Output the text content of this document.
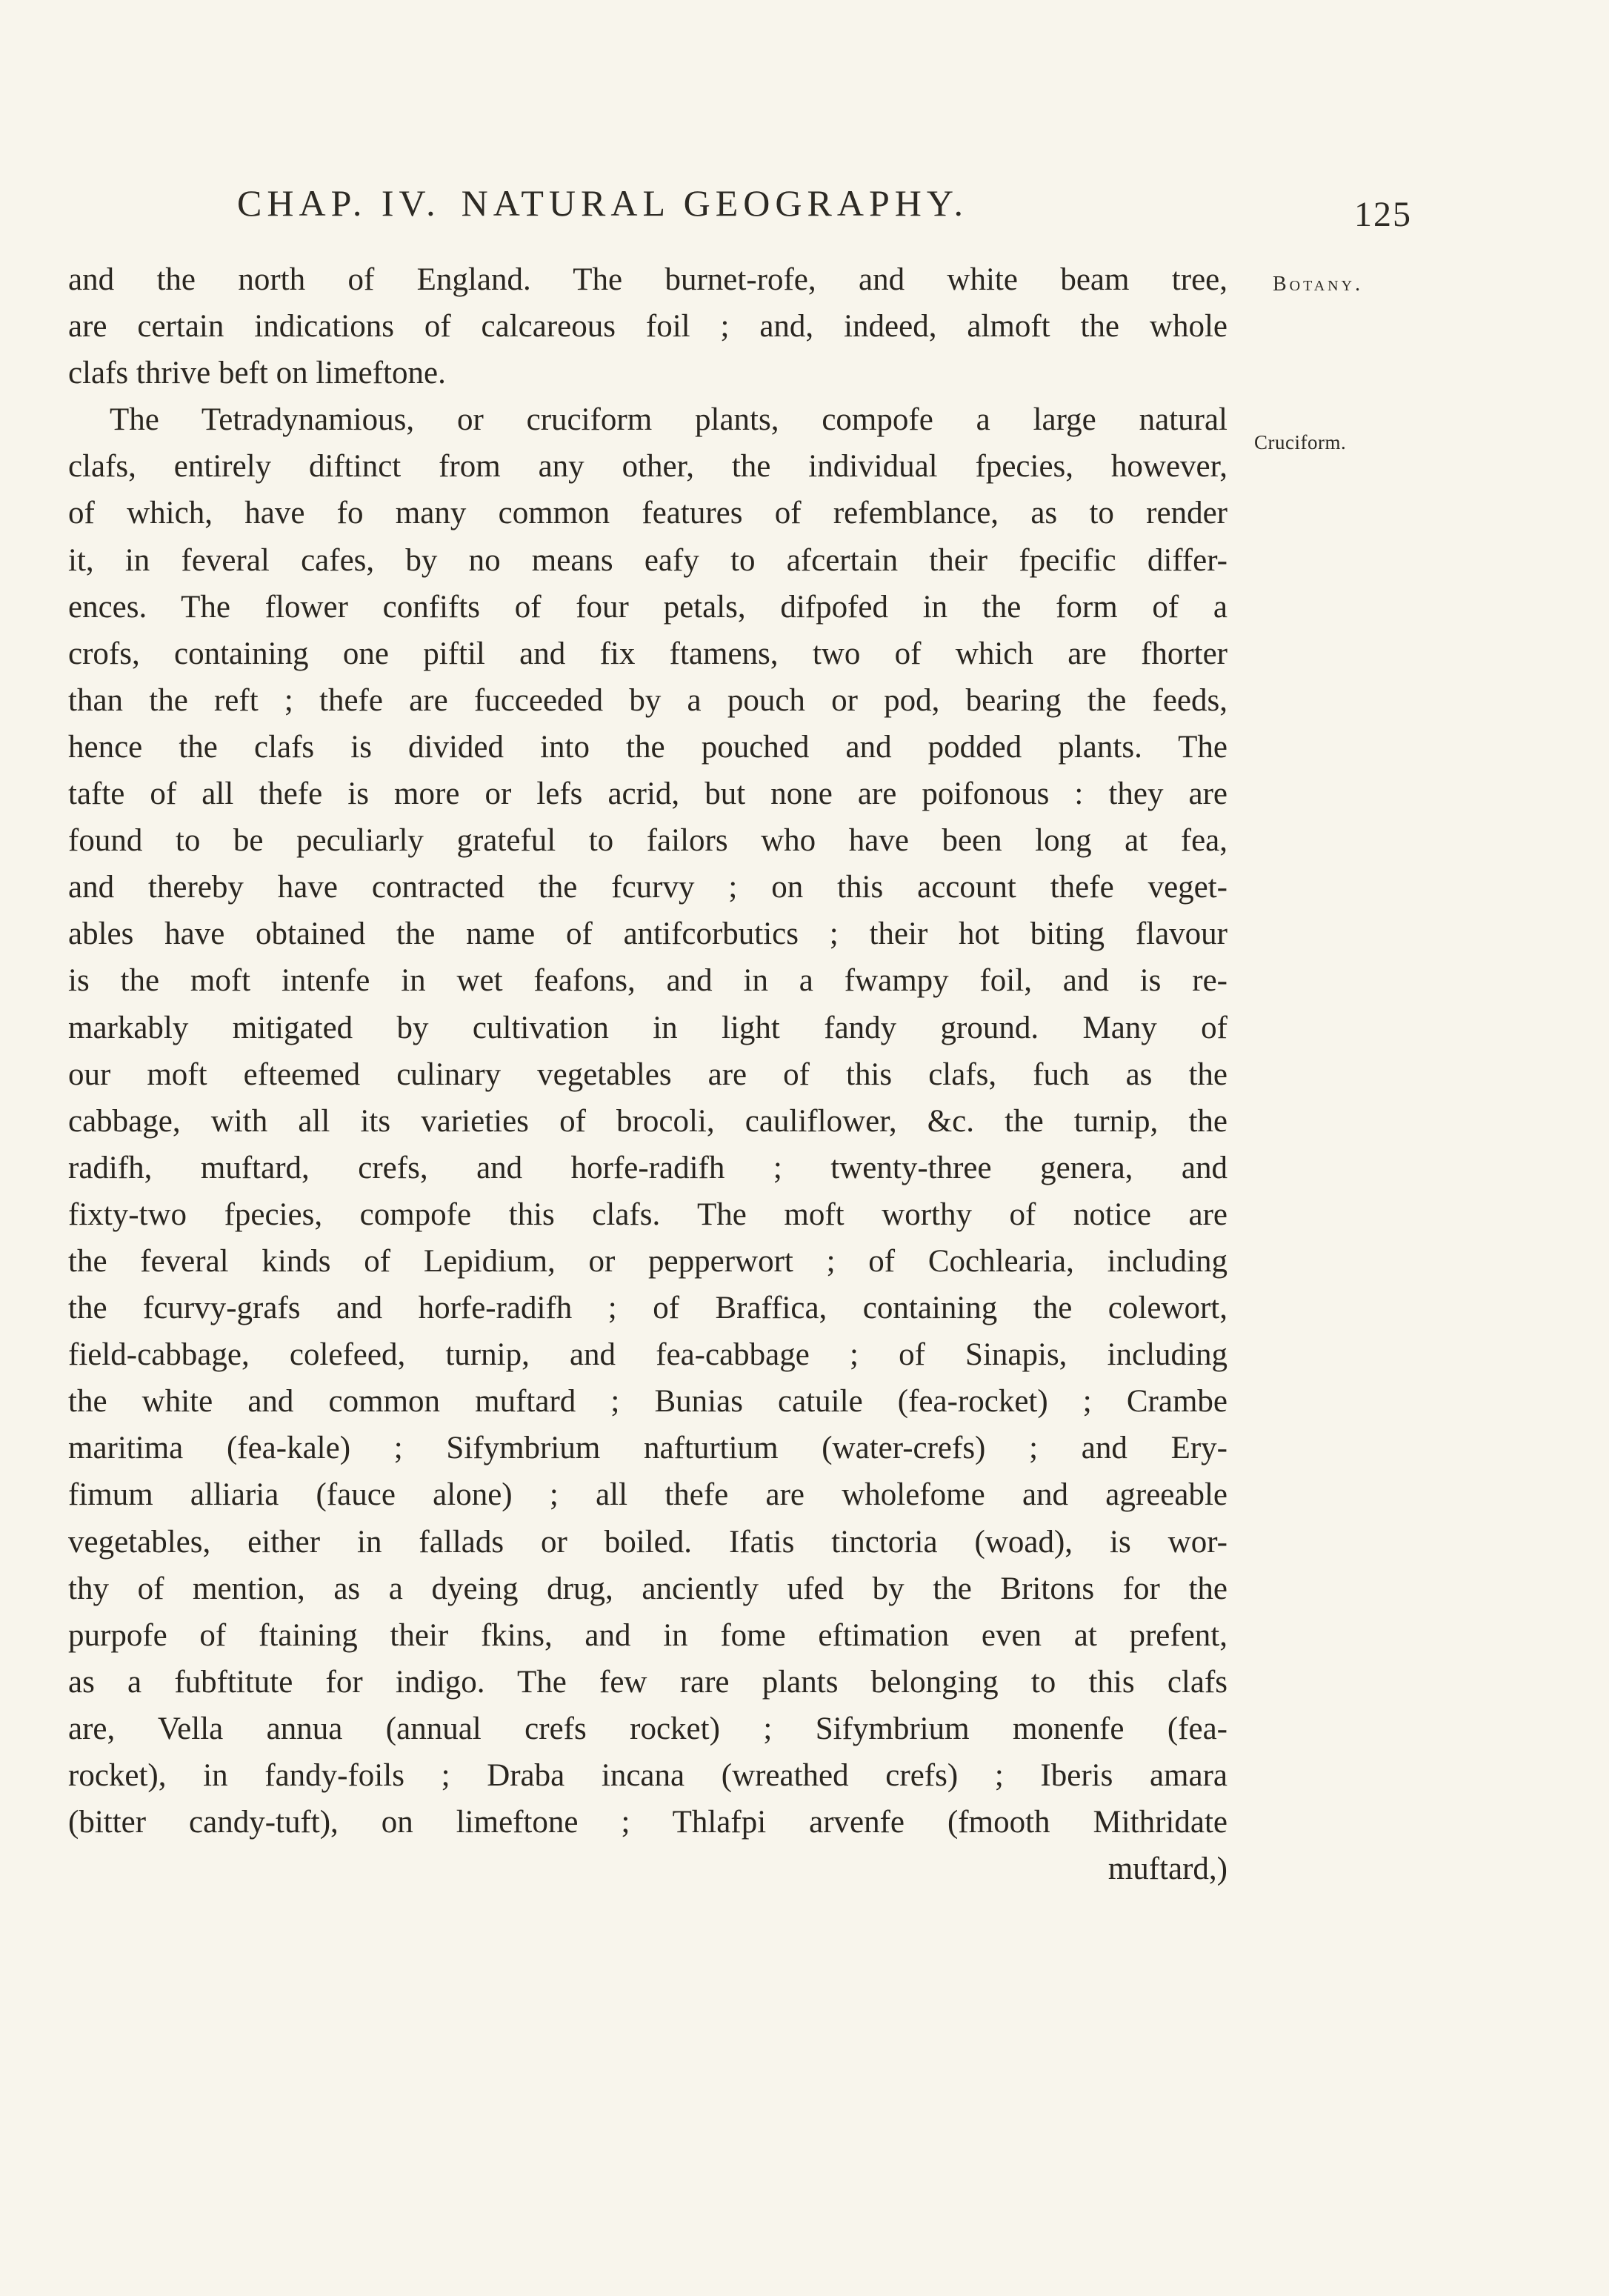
CHAP. IV. NATURAL GEOGRAPHY.	125
Botany.
Cruciform.
and the north of England. The burnet-rofe, and white beam tree,
are certain indications of calcareous foil ; and, indeed, almoft the whole
clafs thrive beft on limeftone.
The Tetradynamious, or cruciform plants, compofe a large natural
clafs, entirely diftinct from any other, the individual fpecies, however,
of which, have fo many common features of refemblance, as to render
it, in feveral cafes, by no means eafy to afcertain their fpecific differ-
ences. The flower confifts of four petals, difpofed in the form of a
crofs, containing one piftil and fix ftamens, two of which are fhorter
than the reft ; thefe are fucceeded by a pouch or pod, bearing the feeds,
hence the clafs is divided into the pouched and podded plants. The
tafte of all thefe is more or lefs acrid, but none are poifonous : they are
found to be peculiarly grateful to failors who have been long at fea,
and thereby have contracted the fcurvy ; on this account thefe veget-
ables have obtained the name of antifcorbutics ; their hot biting flavour
is the moft intenfe in wet feafons, and in a fwampy foil, and is re-
markably mitigated by cultivation in light fandy ground. Many of
our moft efteemed culinary vegetables are of this clafs, fuch as the
cabbage, with all its varieties of brocoli, cauliflower, &c. the turnip, the
radifh, muftard, crefs, and horfe-radifh ; twenty-three genera, and
fixty-two fpecies, compofe this clafs. The moft worthy of notice are
the feveral kinds of Lepidium, or pepperwort ; of Cochlearia, including
the fcurvy-grafs and horfe-radifh ; of Braffica, containing the colewort,
field-cabbage, colefeed, turnip, and fea-cabbage ; of Sinapis, including
the white and common muftard ; Bunias catuile (fea-rocket) ; Crambe
maritima (fea-kale) ; Sifymbrium nafturtium (water-crefs) ; and Ery-
fimum alliaria (fauce alone) ; all thefe are wholefome and agreeable
vegetables, either in fallads or boiled. Ifatis tinctoria (woad), is wor-
thy of mention, as a dyeing drug, anciently ufed by the Britons for the
purpofe of ftaining their fkins, and in fome eftimation even at prefent,
as a fubftitute for indigo. The few rare plants belonging to this clafs
are, Vella annua (annual crefs rocket) ; Sifymbrium monenfe (fea-
rocket), in fandy-foils ; Draba incana (wreathed crefs) ; Iberis amara
(bitter candy-tuft), on limeftone ; Thlafpi arvenfe (fmooth Mithridate
muftard,)
